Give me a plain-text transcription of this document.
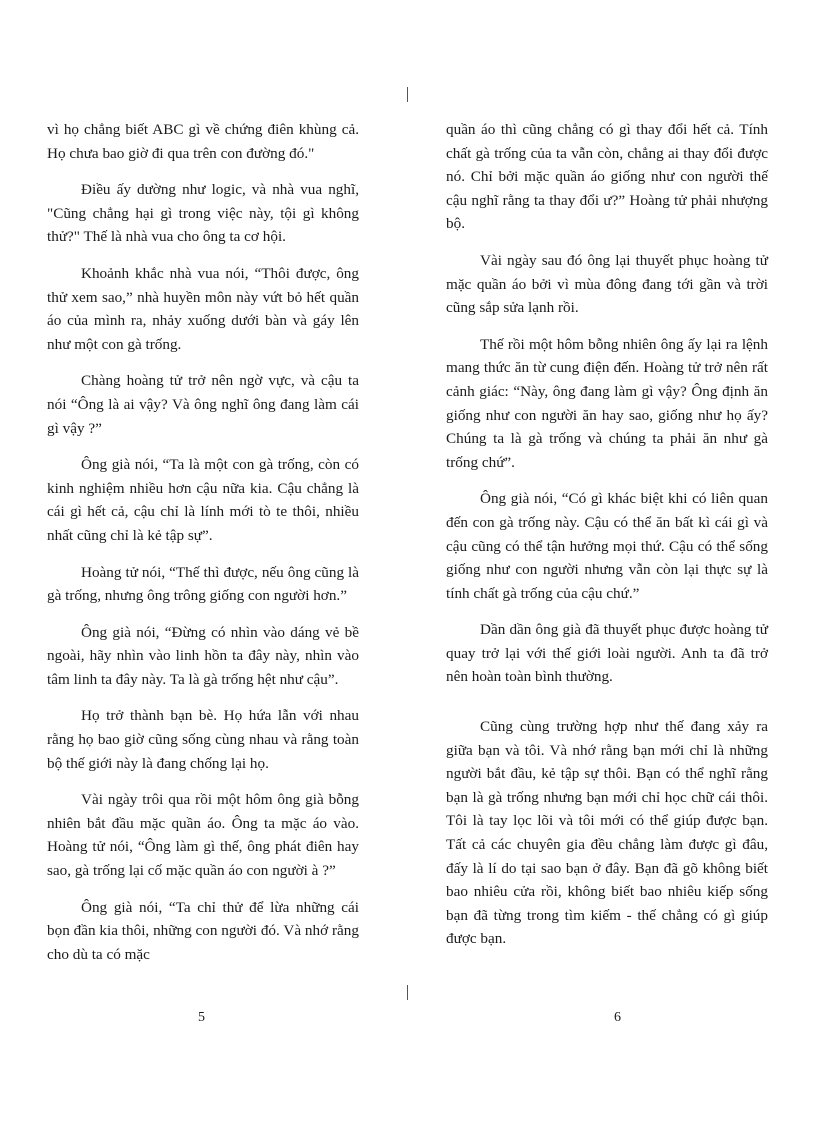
vì họ chẳng biết ABC gì về chứng điên khùng cả. Họ chưa bao giờ đi qua trên con đường đó."

Điều ấy dường như logic, và nhà vua nghĩ, "Cũng chẳng hại gì trong việc này, tội gì không thử?" Thế là nhà vua cho ông ta cơ hội.

Khoảnh khắc nhà vua nói, “Thôi được, ông thử xem sao,” nhà huyền môn này vứt bỏ hết quần áo của mình ra, nhảy xuống dưới bàn và gáy lên như một con gà trống.

Chàng hoàng tử trở nên ngờ vực, và cậu ta nói “Ông là ai vậy? Và ông nghĩ ông đang làm cái gì vậy ?”

Ông già nói, “Ta là một con gà trống, còn có kinh nghiệm nhiều hơn cậu nữa kia. Cậu chẳng là cái gì hết cả, cậu chỉ là lính mới tò te thôi, nhiều nhất cũng chỉ là kẻ tập sự”.

Hoàng tử nói, “Thế thì được, nếu ông cũng là gà trống, nhưng ông trông giống con người hơn.”

Ông già nói, “Đừng có nhìn vào dáng vẻ bề ngoài, hãy nhìn vào linh hồn ta đây này, nhìn vào tâm linh ta đây này. Ta là gà trống hệt như cậu”.

Họ trở thành bạn bè. Họ hứa lẫn với nhau rằng họ bao giờ cũng sống cùng nhau và rằng toàn bộ thế giới này là đang chống lại họ.

Vài ngày trôi qua rồi một hôm ông già bỗng nhiên bắt đầu mặc quần áo. Ông ta mặc áo vào. Hoàng tử nói, “Ông làm gì thế, ông phát điên hay sao, gà trống lại cố mặc quần áo con người à ?”

Ông già nói, “Ta chỉ thử để lừa những cái bọn đần kia thôi, những con người đó. Và nhớ rằng cho dù ta có mặc

quần áo thì cũng chẳng có gì thay đổi hết cả. Tính chất gà trống của ta vẫn còn, chẳng ai thay đổi được nó. Chỉ bởi mặc quần áo giống như con người thế cậu nghĩ rằng ta thay đổi ư?” Hoàng tử phải nhượng bộ.

Vài ngày sau đó ông lại thuyết phục hoàng tử mặc quần áo bởi vì mùa đông đang tới gần và trời cũng sắp sửa lạnh rồi.

Thế rồi một hôm bỗng nhiên ông ấy lại ra lệnh mang thức ăn từ cung điện đến. Hoàng tử trở nên rất cảnh giác: “Này, ông đang làm gì vậy? Ông định ăn giống như con người ăn hay sao, giống như họ ấy? Chúng ta là gà trống và chúng ta phải ăn như gà trống chứ”.

Ông già nói, “Có gì khác biệt khi có liên quan đến con gà trống này. Cậu có thể ăn bất kì cái gì và cậu cũng có thể tận hưởng mọi thứ. Cậu có thể sống giống như con người nhưng vẫn còn lại thực sự là tính chất gà trống của cậu chứ.”

Dần dần ông già đã thuyết phục được hoàng tử quay trở lại với thế giới loài người. Anh ta đã trở nên hoàn toàn bình thường.

Cũng cùng trường hợp như thế đang xảy ra giữa bạn và tôi. Và nhớ rằng bạn mới chỉ là những người bắt đầu, kẻ tập sự thôi. Bạn có thể nghĩ rằng bạn là gà trống nhưng bạn mới chỉ học chữ cái thôi. Tôi là tay lọc lõi và tôi mới có thể giúp được bạn. Tất cả các chuyên gia đều chẳng làm được gì đâu, đấy là lí do tại sao bạn ở đây. Bạn đã gõ không biết bao nhiêu cửa rồi, không biết bao nhiêu kiếp sống bạn đã từng trong tìm kiếm - thế chẳng có gì giúp được bạn.

5	6
